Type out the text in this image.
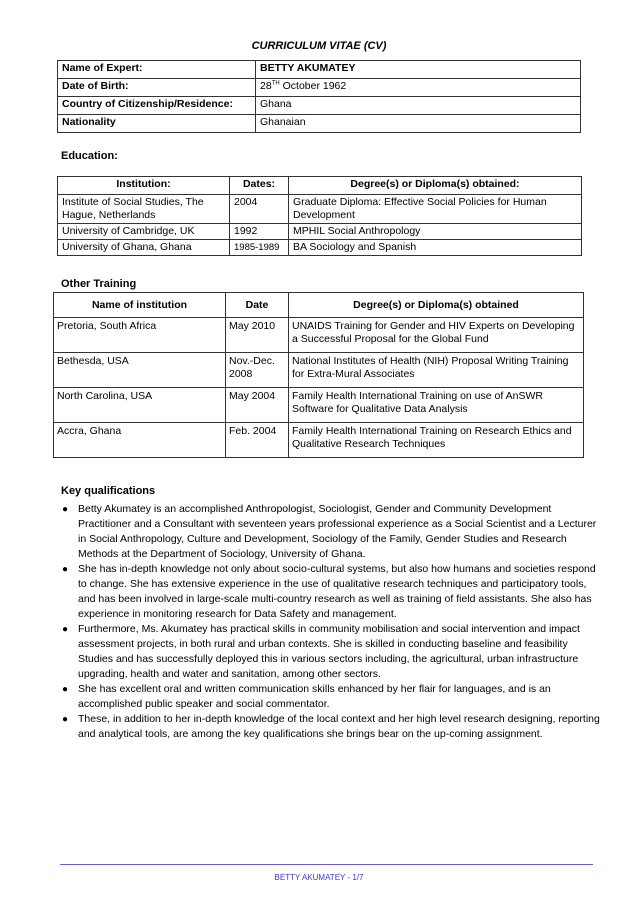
CURRICULUM VITAE (CV)
Name of Expert:	BETTY AKUMATEY
Date of Birth:	28TH October 1962
Country of Citizenship/Residence:	Ghana
Nationality	Ghanaian
Education:
Institution:	Dates:	Degree(s) or Diploma(s) obtained:
Institute of Social Studies, The Hague, Netherlands	2004	Graduate Diploma: Effective Social Policies for Human Development
University of Cambridge, UK	1992	MPHIL Social Anthropology
University of Ghana, Ghana	1985-1989	BA Sociology and Spanish
Other Training
Name of institution	Date	Degree(s) or Diploma(s) obtained
Pretoria, South Africa	May 2010	UNAIDS Training for Gender and HIV Experts on Developing a Successful Proposal for the Global Fund
Bethesda, USA	Nov.-Dec. 2008	National Institutes of Health (NIH) Proposal Writing Training for Extra-Mural Associates
North Carolina, USA	May 2004	Family Health International Training on use of AnSWR Software for Qualitative Data Analysis
Accra, Ghana	Feb. 2004	Family Health International Training on Research Ethics and Qualitative Research Techniques
Key qualifications
● Betty Akumatey is an accomplished Anthropologist, Sociologist, Gender and Community Development Practitioner and a Consultant with seventeen years professional experience as a Social Scientist and a Lecturer in Social Anthropology, Culture and Development, Sociology of the Family, Gender Studies and Research Methods at the Department of Sociology, University of Ghana.
● She has in-depth knowledge not only about socio-cultural systems, but also how humans and societies respond to change. She has extensive experience in the use of qualitative research techniques and participatory tools, and has been involved in large-scale multi-country research as well as training of field assistants. She also has experience in monitoring research for Data Safety and management.
● Furthermore, Ms. Akumatey has practical skills in community mobilisation and social intervention and impact assessment projects, in both rural and urban contexts. She is skilled in conducting baseline and feasibility Studies and has successfully deployed this in various sectors including, the agricultural, urban infrastructure upgrading, health and water and sanitation, among other sectors.
● She has excellent oral and written communication skills enhanced by her flair for languages, and is an accomplished public speaker and social commentator.
● These, in addition to her in-depth knowledge of the local context and her high level research designing, reporting and analytical tools, are among the key qualifications she brings bear on the up-coming assignment.
BETTY AKUMATEY - 1/7
